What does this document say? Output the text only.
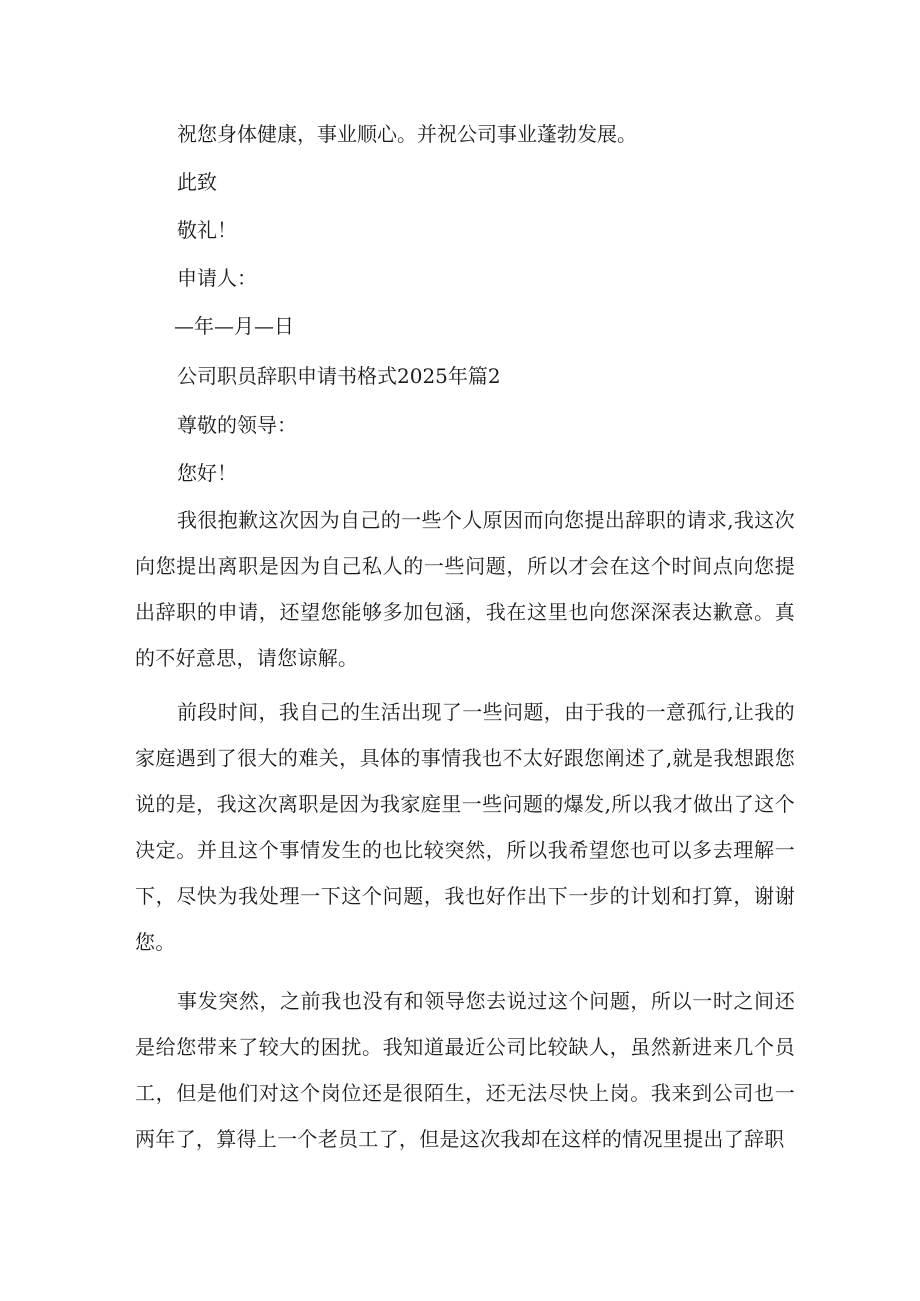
祝您身体健康，事业顺心。并祝公司事业蓬勃发展。

此致

敬礼！

申请人：

—年—月—日

公司职员辞职申请书格式2025年篇2

尊敬的领导：

您好！

我很抱歉这次因为自己的一些个人原因而向您提出辞职的请求,我这次向您提出离职是因为自己私人的一些问题，所以才会在这个时间点向您提出辞职的申请，还望您能够多加包涵，我在这里也向您深深表达歉意。真的不好意思，请您谅解。

前段时间，我自己的生活出现了一些问题，由于我的一意孤行,让我的家庭遇到了很大的难关，具体的事情我也不太好跟您阐述了,就是我想跟您说的是，我这次离职是因为我家庭里一些问题的爆发,所以我才做出了这个决定。并且这个事情发生的也比较突然，所以我希望您也可以多去理解一下，尽快为我处理一下这个问题，我也好作出下一步的计划和打算，谢谢您。

事发突然，之前我也没有和领导您去说过这个问题，所以一时之间还是给您带来了较大的困扰。我知道最近公司比较缺人，虽然新进来几个员工，但是他们对这个岗位还是很陌生，还无法尽快上岗。我来到公司也一两年了，算得上一个老员工了，但是这次我却在这样的情况里提出了辞职
